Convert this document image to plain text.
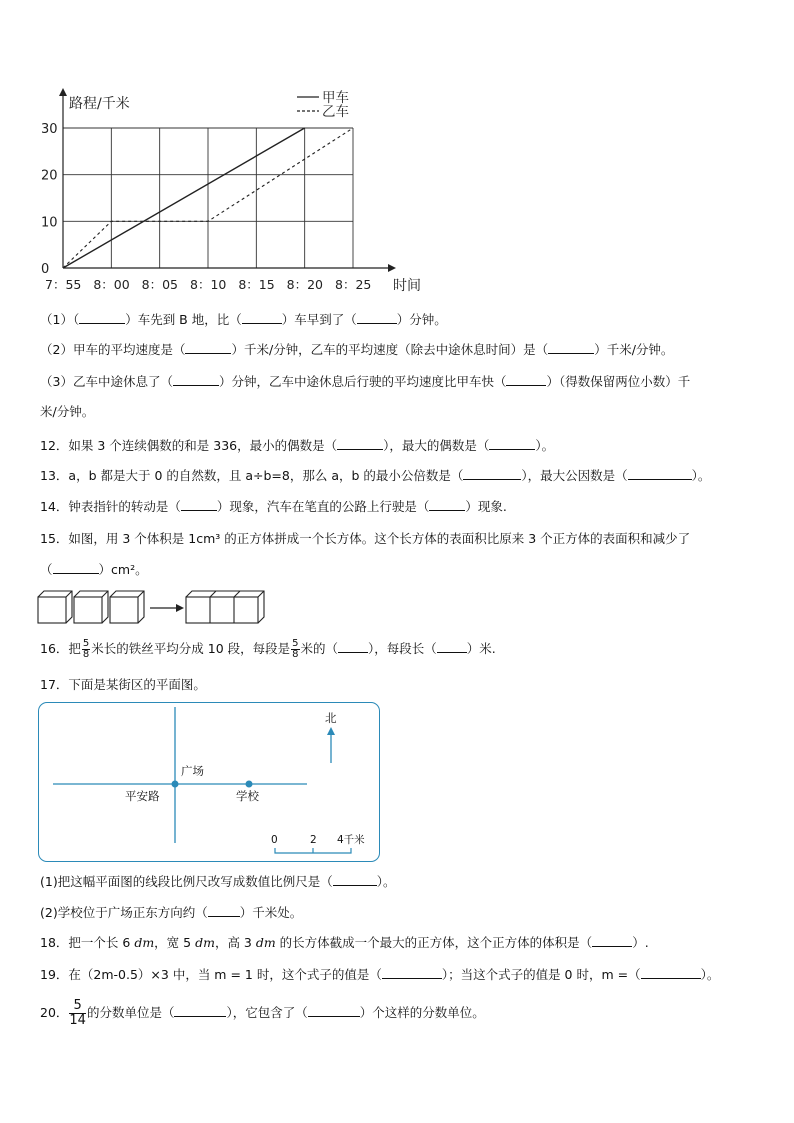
0
10
20
30
7：55 8：00 8：05 8：10 8：15 8：20 8：25
路程/千米
时间
甲车
乙车
（1）（	）车先到 B 地，比（	）车早到了（	）分钟。
（2）甲车的平均速度是（	）千米/分钟，乙车的平均速度（除去中途休息时间）是（	）千米/分钟。
（3）乙车中途休息了（	）分钟，乙车中途休息后行驶的平均速度比甲车快（	）（得数保留两位小数）千
米/分钟。
12．如果 3 个连续偶数的和是 336，最小的偶数是（	），最大的偶数是（	）。
13．a，b 都是大于 0 的自然数，且 a÷b=8，那么 a，b 的最小公倍数是（	），最大公因数是（	）。
14．钟表指针的转动是（	）现象，汽车在笔直的公路上行驶是（	）现象.
15．如图，用 3 个体积是 1cm³ 的正方体拼成一个长方体。这个长方体的表面积比原来 3 个正方体的表面积和减少了
（	）cm²。
16．把 $\frac{5}{8}$ 米长的铁丝平均分成 10 段，每段是 $\frac{5}{8}$ 米的（ ），每段长（ ）米.
17．下面是某街区的平面图。
广场
平安路	学校
北
0	2 4千米
(1)把这幅平面图的线段比例尺改写成数值比例尺是（	）。
(2)学校位于广场正东方向约（	）千米处。
18．把一个长 6 dm，宽 5 dm，高 3 dm 的长方体截成一个最大的正方体，这个正方体的体积是（	）.
19．在（2m-0.5）×3 中，当 m = 1 时，这个式子的值是（	）；当这个式子的值是 0 时，m =（	）。
20． $\frac{5}{14}$ 的分数单位是（	），它包含了（	）个这样的分数单位。
